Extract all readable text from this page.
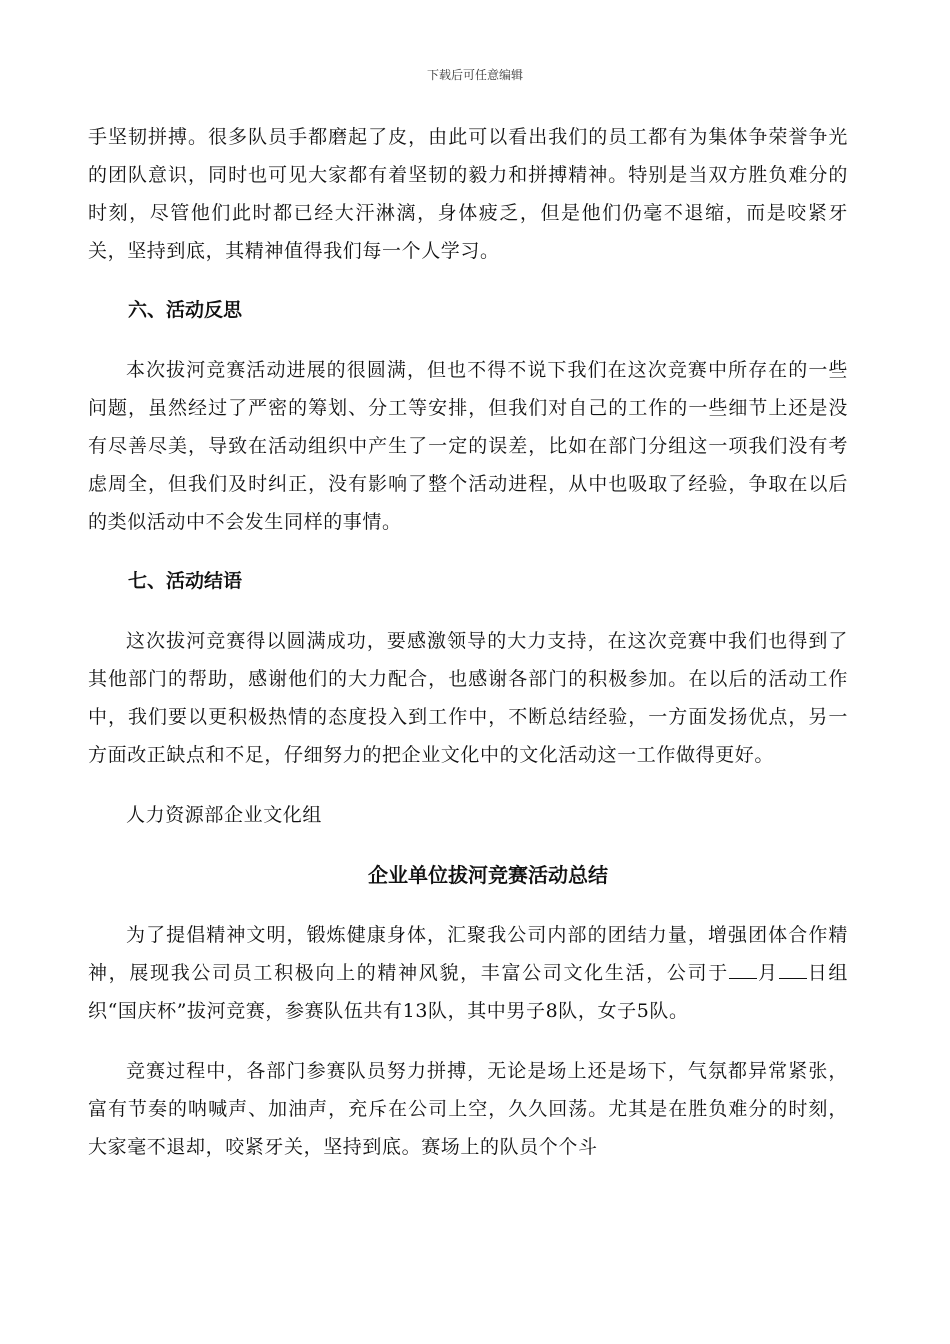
下载后可任意编辑

手坚韧拼搏。很多队员手都磨起了皮，由此可以看出我们的员工都有为集体争荣誉争光的团队意识，同时也可见大家都有着坚韧的毅力和拼搏精神。特别是当双方胜负难分的时刻，尽管他们此时都已经大汗淋漓，身体疲乏，但是他们仍毫不退缩，而是咬紧牙关，坚持到底，其精神值得我们每一个人学习。

六、活动反思

本次拔河竞赛活动进展的很圆满，但也不得不说下我们在这次竞赛中所存在的一些问题，虽然经过了严密的筹划、分工等安排，但我们对自己的工作的一些细节上还是没有尽善尽美，导致在活动组织中产生了一定的误差，比如在部门分组这一项我们没有考虑周全，但我们及时纠正，没有影响了整个活动进程，从中也吸取了经验，争取在以后的类似活动中不会发生同样的事情。

七、活动结语

这次拔河竞赛得以圆满成功，要感激领导的大力支持，在这次竞赛中我们也得到了其他部门的帮助，感谢他们的大力配合，也感谢各部门的积极参加。在以后的活动工作中，我们要以更积极热情的态度投入到工作中，不断总结经验，一方面发扬优点，另一方面改正缺点和不足，仔细努力的把企业文化中的文化活动这一工作做得更好。

人力资源部企业文化组

企业单位拔河竞赛活动总结

为了提倡精神文明，锻炼健康身体，汇聚我公司内部的团结力量，增强团体合作精神，展现我公司员工积极向上的精神风貌，丰富公司文化生活，公司于 月 日组织“国庆杯”拔河竞赛，参赛队伍共有13队，其中男子8队，女子5队。

竞赛过程中，各部门参赛队员努力拼搏，无论是场上还是场下，气氛都异常紧张，富有节奏的呐喊声、加油声，充斥在公司上空，久久回荡。尤其是在胜负难分的时刻，大家毫不退却，咬紧牙关，坚持到底。赛场上的队员个个斗
